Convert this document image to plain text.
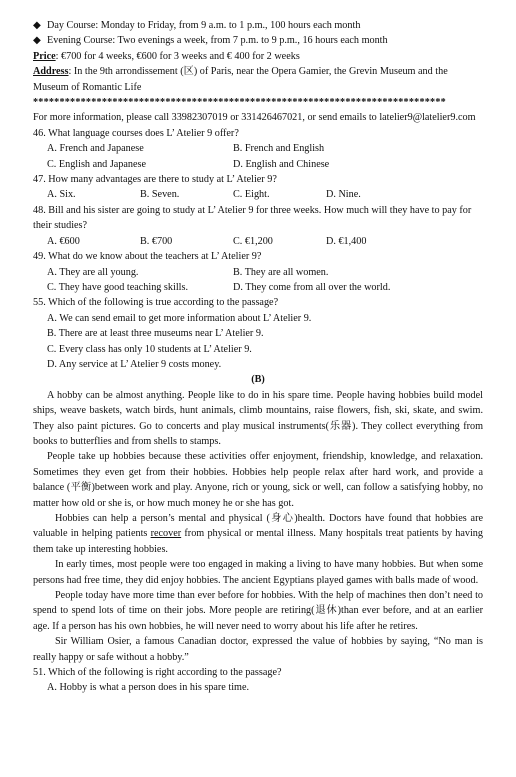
◆ Day Course: Monday to Friday, from 9 a.m. to 1 p.m., 100 hours each month
◆ Evening Course: Two evenings a week, from 7 p.m. to 9 p.m., 16 hours each month
Price: €700 for 4 weeks, €600 for 3 weeks and € 400 for 2 weeks
Address: In the 9th arrondissement (区) of Paris, near the Opera Gamier, the Grevin Museum and the Museum of Romantic Life
******************************************************************************
For more information, please call 33982307019 or 331426467021, or send emails to latelier9@latelier9.com
46. What language courses does L’ Atelier 9 offer?
A. French and Japanese	B. French and English
C. English and Japanese	D. English and Chinese
47. How many advantages are there to study at L’ Atelier 9?
A. Six.	B. Seven.	C. Eight.	D. Nine.
48. Bill and his sister are going to study at L’ Atelier 9 for three weeks. How much will they have to pay for their studies?
A. €600	B. €700	C. €1,200	D. €1,400
49. What do we know about the teachers at L’ Atelier 9?
A. They are all young.	B. They are all women.
C. They have good teaching skills.	D. They come from all over the world.
55. Which of the following is true according to the passage?
A. We can send email to get more information about L’ Atelier 9.
B. There are at least three museums near L’ Atelier 9.
C. Every class has only 10 students at L’ Atelier 9.
D. Any service at L’ Atelier 9 costs money.
(B)
A hobby can be almost anything. People like to do in his spare time. People having hobbies build model ships, weave baskets, watch birds, hunt animals, climb mountains, raise flowers, fish, ski, skate, and swim. They also paint pictures. Go to concerts and play musical instruments(乐器). They collect everything from books to butterflies and from shells to stamps.
People take up hobbies because these activities offer enjoyment, friendship, knowledge, and relaxation. Sometimes they even get from their hobbies. Hobbies help people relax after hard work, and provide a balance (平衡)between work and play. Anyone, rich or young, sick or well, can follow a satisfying hobby, no matter how old or she is, or how much money he or she has got.
Hobbies can help a person’s mental and physical (身心)health. Doctors have found that hobbies are valuable in helping patients recover from physical or mental illness. Many hospitals treat patients by having them take up interesting hobbies.
In early times, most people were too engaged in making a living to have many hobbies. But when some persons had free time, they did enjoy hobbies. The ancient Egyptians played games with balls made of wood.
People today have more time than ever before for hobbies. With the help of machines then don’t need to spend to spend lots of time on their jobs. More people are retiring(退休)than ever before, and at an earlier age. If a person has his own hobbies, he will never need to worry about his life after he retires.
Sir William Osier, a famous Canadian doctor, expressed the value of hobbies by saying, “No man is really happy or safe without a hobby.”
51. Which of the following is right according to the passage?
A. Hobby is what a person does in his spare time.
